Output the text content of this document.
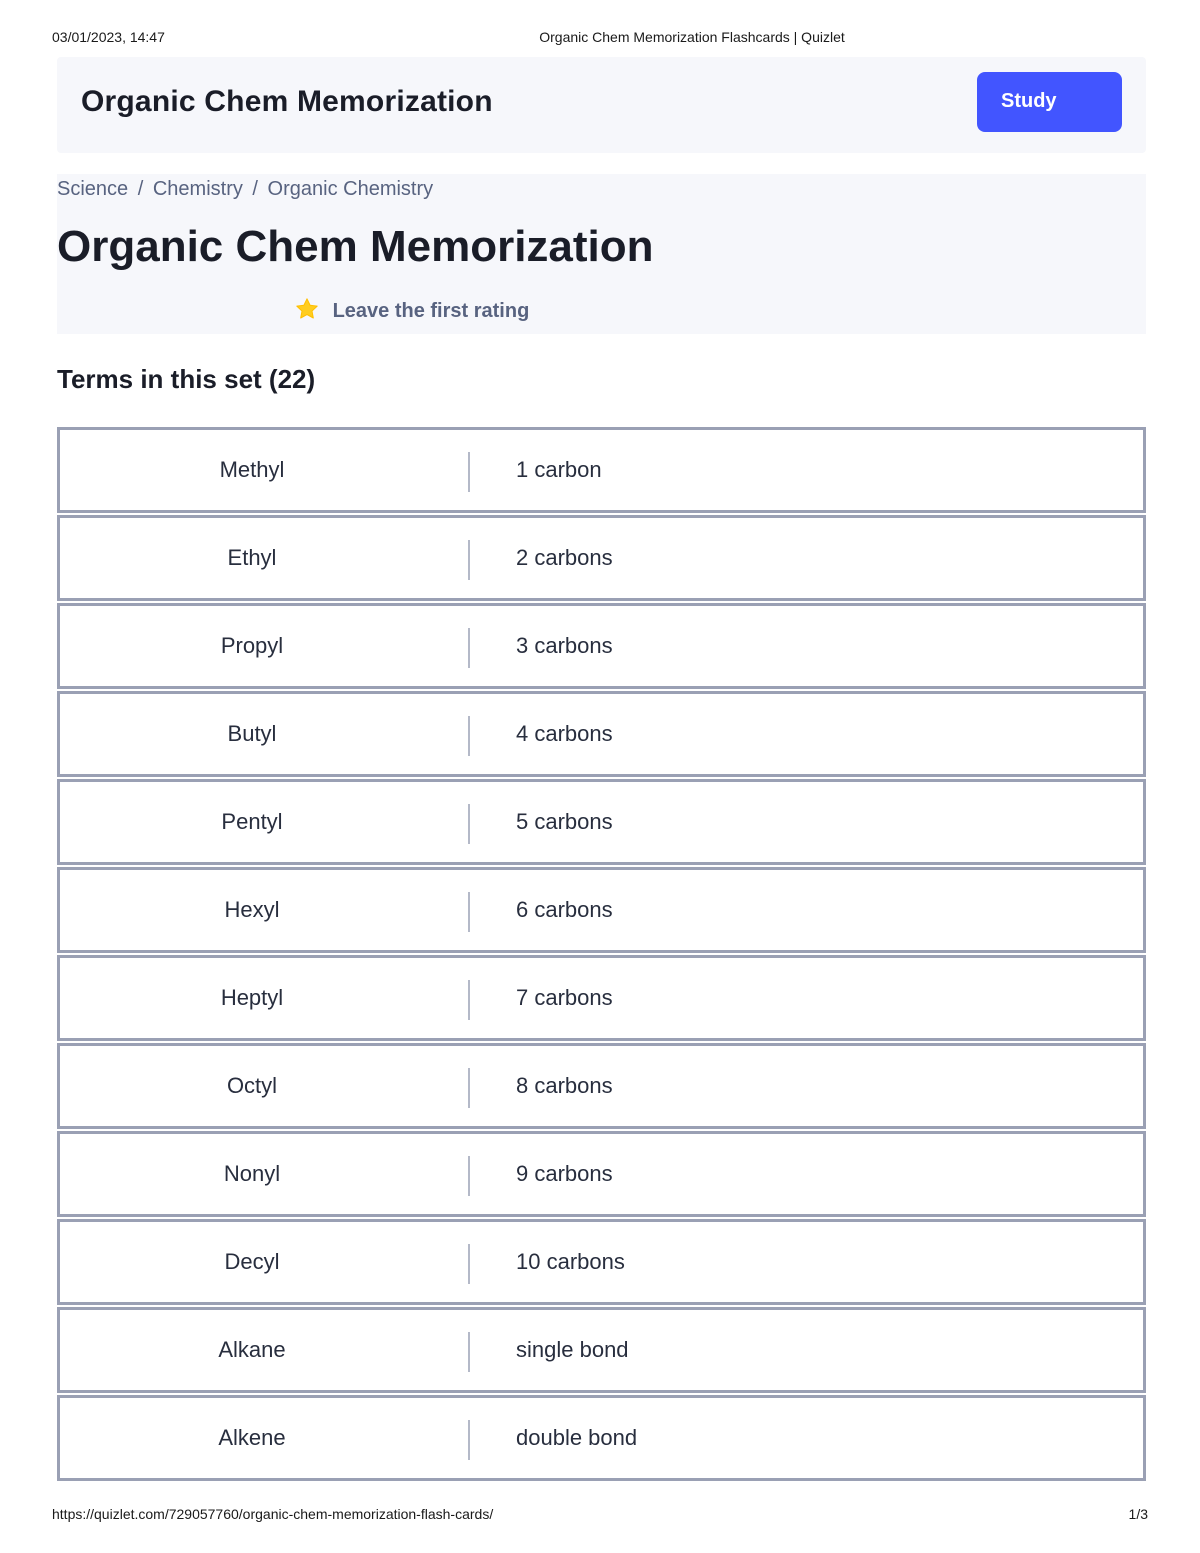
03/01/2023, 14:47	Organic Chem Memorization Flashcards | Quizlet
Organic Chem Memorization	Study
Science / Chemistry / Organic Chemistry
Organic Chem Memorization
Leave the first rating
Terms in this set (22)
Methyl	1 carbon
Ethyl	2 carbons
Propyl	3 carbons
Butyl	4 carbons
Pentyl	5 carbons
Hexyl	6 carbons
Heptyl	7 carbons
Octyl	8 carbons
Nonyl	9 carbons
Decyl	10 carbons
Alkane	single bond
Alkene	double bond
https://quizlet.com/729057760/organic-chem-memorization-flash-cards/	1/3
